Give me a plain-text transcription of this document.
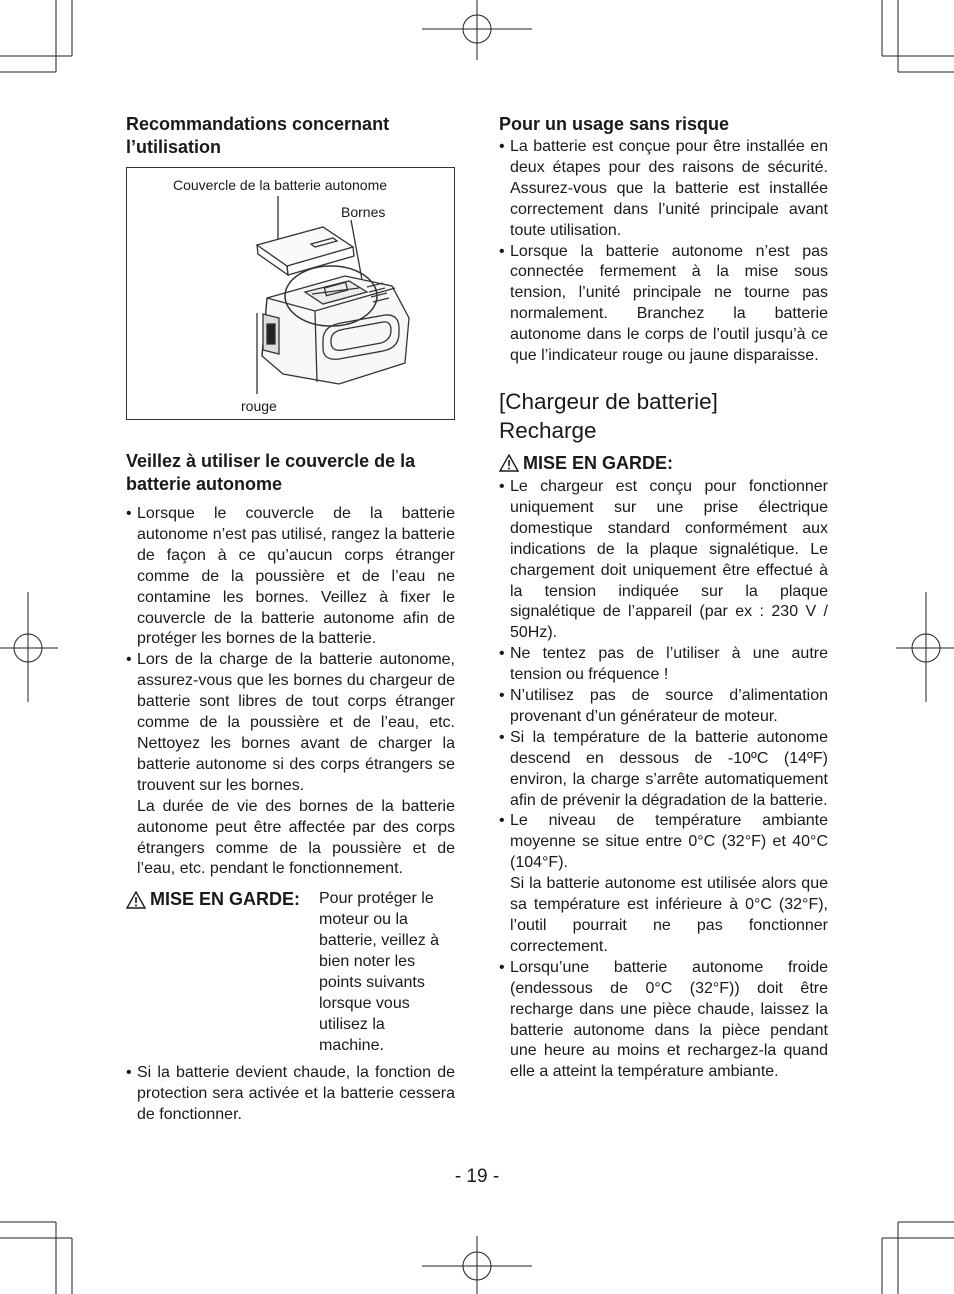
Recommandations concernant l’utilisation
Couvercle de la batterie autonome
Bornes
rouge
Veillez à utiliser le couvercle de la batterie autonome
• Lorsque le couvercle de la batterie autonome n’est pas utilisé, rangez la batterie de façon à ce qu’aucun corps étranger comme de la poussière et de l’eau ne contamine les bornes. Veillez à fixer le couvercle de la batterie autonome afin de protéger les bornes de la batterie.
• Lors de la charge de la batterie autonome, assurez-vous que les bornes du chargeur de batterie sont libres de tout corps étranger comme de la poussière et de l’eau, etc. Nettoyez les bornes avant de charger la batterie autonome si des corps étrangers se trouvent sur les bornes.
La durée de vie des bornes de la batterie autonome peut être affectée par des corps étrangers comme de la poussière et de l’eau, etc. pendant le fonctionnement.
MISE EN GARDE: Pour protéger le moteur ou la batterie, veillez à bien noter les points suivants lorsque vous utilisez la machine.
• Si la batterie devient chaude, la fonction de protection sera activée et la batterie cessera de fonctionner.
Pour un usage sans risque
• La batterie est conçue pour être installée en deux étapes pour des raisons de sécurité. Assurez-vous que la batterie est installée correctement dans l’unité principale avant toute utilisation.
• Lorsque la batterie autonome n’est pas connectée fermement à la mise sous tension, l’unité principale ne tourne pas normalement. Branchez la batterie autonome dans le corps de l’outil jusqu’à ce que l’indicateur rouge ou jaune disparaisse.
[Chargeur de batterie]
Recharge
MISE EN GARDE:
• Le chargeur est conçu pour fonctionner uniquement sur une prise électrique domestique standard conformément aux indications de la plaque signalétique. Le chargement doit uniquement être effectué à la tension indiquée sur la plaque signalétique de l’appareil (par ex : 230 V / 50Hz).
• Ne tentez pas de l’utiliser à une autre tension ou fréquence !
• N’utilisez pas de source d’alimentation provenant d’un générateur de moteur.
• Si la température de la batterie autonome descend en dessous de -10ºC (14ºF) environ, la charge s’arrête automatiquement afin de prévenir la dégradation de la batterie.
• Le niveau de température ambiante moyenne se situe entre 0°C (32°F) et 40°C (104°F).
Si la batterie autonome est utilisée alors que sa température est inférieure à 0°C (32°F), l’outil pourrait ne pas fonctionner correctement.
• Lorsqu’une batterie autonome froide (endessous de 0°C (32°F)) doit être recharge dans une pièce chaude, laissez la batterie autonome dans la pièce pendant une heure au moins et rechargez-la quand elle a atteint la température ambiante.
- 19 -
